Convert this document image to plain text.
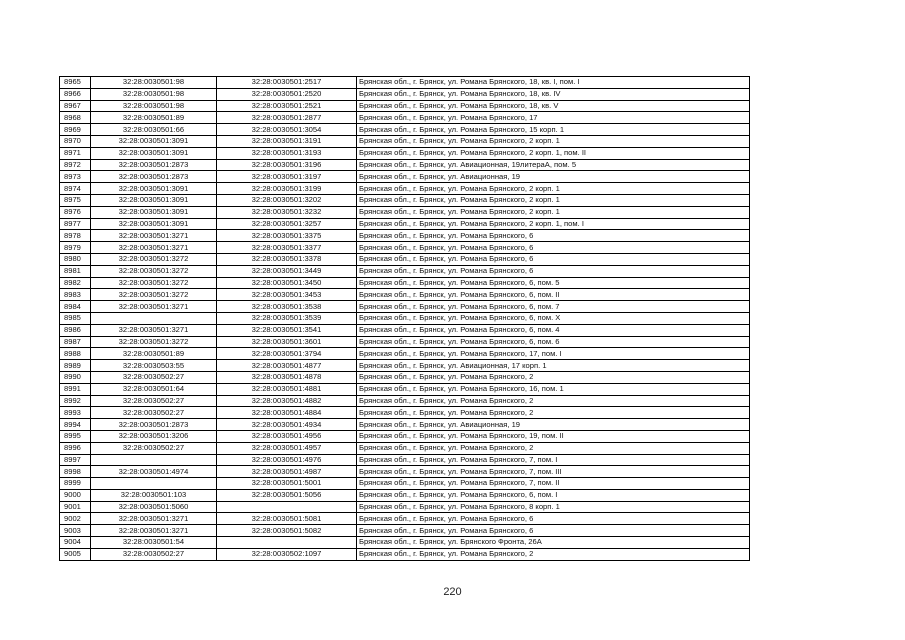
8965	32:28:0030501:98	32:28:0030501:2517	Брянская обл., г. Брянск, ул. Романа Брянского, 18, кв. I, пом. I
8966	32:28:0030501:98	32:28:0030501:2520	Брянская обл., г. Брянск, ул. Романа Брянского, 18, кв. IV
8967	32:28:0030501:98	32:28:0030501:2521	Брянская обл., г. Брянск, ул. Романа Брянского, 18, кв. V
8968	32:28:0030501:89	32:28:0030501:2877	Брянская обл., г. Брянск, ул. Романа Брянского, 17
8969	32:28:0030501:66	32:28:0030501:3054	Брянская обл., г. Брянск, ул. Романа Брянского, 15 корп. 1
8970	32:28:0030501:3091	32:28:0030501:3191	Брянская обл., г. Брянск, ул. Романа Брянского, 2 корп. 1
8971	32:28:0030501:3091	32:28:0030501:3193	Брянская обл., г. Брянск, ул. Романа Брянского, 2 корп. 1, пом. II
8972	32:28:0030501:2873	32:28:0030501:3196	Брянская обл., г. Брянск, ул. Авиационная, 19литераА, пом. 5
8973	32:28:0030501:2873	32:28:0030501:3197	Брянская обл., г. Брянск, ул. Авиационная, 19
8974	32:28:0030501:3091	32:28:0030501:3199	Брянская обл., г. Брянск, ул. Романа Брянского, 2 корп. 1
8975	32:28:0030501:3091	32:28:0030501:3202	Брянская обл., г. Брянск, ул. Романа Брянского, 2 корп. 1
8976	32:28:0030501:3091	32:28:0030501:3232	Брянская обл., г. Брянск, ул. Романа Брянского, 2 корп. 1
8977	32:28:0030501:3091	32:28:0030501:3257	Брянская обл., г. Брянск, ул. Романа Брянского, 2 корп. 1, пом. I
8978	32:28:0030501:3271	32:28:0030501:3375	Брянская обл., г. Брянск, ул. Романа Брянского, 6
8979	32:28:0030501:3271	32:28:0030501:3377	Брянская обл., г. Брянск, ул. Романа Брянского, 6
8980	32:28:0030501:3272	32:28:0030501:3378	Брянская обл., г. Брянск, ул. Романа Брянского, 6
8981	32:28:0030501:3272	32:28:0030501:3449	Брянская обл., г. Брянск, ул. Романа Брянского, 6
8982	32:28:0030501:3272	32:28:0030501:3450	Брянская обл., г. Брянск, ул. Романа Брянского, 6, пом. 5
8983	32:28:0030501:3272	32:28:0030501:3453	Брянская обл., г. Брянск, ул. Романа Брянского, 6, пом. II
8984	32:28:0030501:3271	32:28:0030501:3538	Брянская обл., г. Брянск, ул. Романа Брянского, 6, пом. 7
8985		32:28:0030501:3539	Брянская обл., г. Брянск, ул. Романа Брянского, 6, пом. X
8986	32:28:0030501:3271	32:28:0030501:3541	Брянская обл., г. Брянск, ул. Романа Брянского, 6, пом. 4
8987	32:28:0030501:3272	32:28:0030501:3601	Брянская обл., г. Брянск, ул. Романа Брянского, 6, пом. 6
8988	32:28:0030501:89	32:28:0030501:3794	Брянская обл., г. Брянск, ул. Романа Брянского, 17, пом. I
8989	32:28:0030503:55	32:28:0030501:4877	Брянская обл., г. Брянск, ул. Авиационная, 17 корп. 1
8990	32:28:0030502:27	32:28:0030501:4878	Брянская обл., г. Брянск, ул. Романа Брянского, 2
8991	32:28:0030501:64	32:28:0030501:4881	Брянская обл., г. Брянск, ул. Романа Брянского, 16, пом. 1
8992	32:28:0030502:27	32:28:0030501:4882	Брянская обл., г. Брянск, ул. Романа Брянского, 2
8993	32:28:0030502:27	32:28:0030501:4884	Брянская обл., г. Брянск, ул. Романа Брянского, 2
8994	32:28:0030501:2873	32:28:0030501:4934	Брянская обл., г. Брянск, ул. Авиационная, 19
8995	32:28:0030501:3206	32:28:0030501:4956	Брянская обл., г. Брянск, ул. Романа Брянского, 19, пом. II
8996	32:28:0030502:27	32:28:0030501:4957	Брянская обл., г. Брянск, ул. Романа Брянского, 2
8997		32:28:0030501:4976	Брянская обл., г. Брянск, ул. Романа Брянского, 7, пом. I
8998	32:28:0030501:4974	32:28:0030501:4987	Брянская обл., г. Брянск, ул. Романа Брянского, 7, пом. III
8999		32:28:0030501:5001	Брянская обл., г. Брянск, ул. Романа Брянского, 7, пом. II
9000	32:28:0030501:103	32:28:0030501:5056	Брянская обл., г. Брянск, ул. Романа Брянского, 6, пом. I
9001	32:28:0030501:5060		Брянская обл., г. Брянск, ул. Романа Брянского, 8 корп. 1
9002	32:28:0030501:3271	32:28:0030501:5081	Брянская обл., г. Брянск, ул. Романа Брянского, 6
9003	32:28:0030501:3271	32:28:0030501:5082	Брянская обл., г. Брянск, ул. Романа Брянского, 6
9004	32:28:0030501:54		Брянская обл., г. Брянск, ул. Брянского Фронта, 26А
9005	32:28:0030502:27	32:28:0030502:1097	Брянская обл., г. Брянск, ул. Романа Брянского, 2
220
